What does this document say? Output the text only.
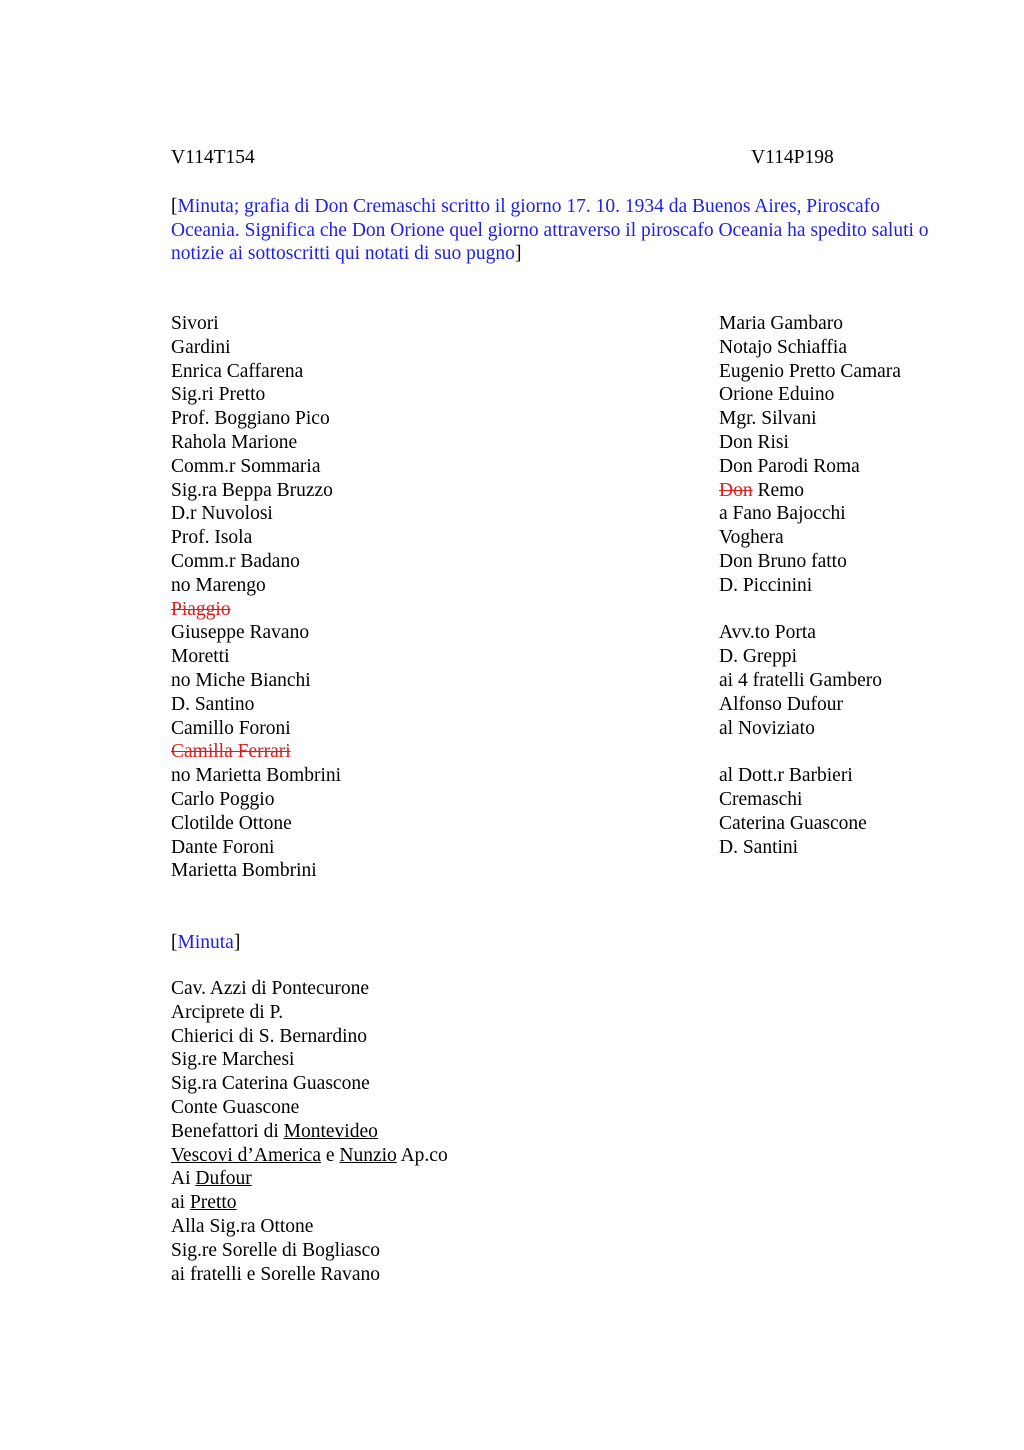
V114T154	V114P198
[Minuta; grafia di Don Cremaschi scritto il giorno 17. 10. 1934 da Buenos Aires, Piroscafo Oceania. Significa che Don Orione quel giorno attraverso il piroscafo Oceania ha spedito saluti o notizie ai sottoscritti qui notati di suo pugno]
Sivori
Gardini
Enrica Caffarena
Sig.ri Pretto
Prof. Boggiano Pico
Rahola Marione
Comm.r Sommaria
Sig.ra Beppa Bruzzo
D.r Nuvolosi
Prof. Isola
Comm.r Badano
no Marengo
Piaggio
Giuseppe Ravano
Moretti
no Miche Bianchi
D. Santino
Camillo Foroni
Camilla Ferrari
no Marietta Bombrini
Carlo Poggio
Clotilde Ottone
Dante Foroni
Marietta Bombrini
Maria Gambaro
Notajo Schiaffia
Eugenio Pretto Camara
Orione Eduino
Mgr. Silvani
Don Risi
Don Parodi Roma
Don Remo
a Fano Bajocchi
Voghera
Don Bruno fatto
D. Piccinini
Avv.to Porta
D. Greppi
ai 4 fratelli Gambero
Alfonso Dufour
al Noviziato
al Dott.r Barbieri
Cremaschi
Caterina Guascone
D. Santini
[Minuta]
Cav. Azzi di Pontecurone
Arciprete di P.
Chierici di S. Bernardino
Sig.re Marchesi
Sig.ra Caterina Guascone
Conte Guascone
Benefattori di Montevideo
Vescovi d’America e Nunzio Ap.co
Ai Dufour
ai Pretto
Alla Sig.ra Ottone
Sig.re Sorelle di Bogliasco
ai fratelli e Sorelle Ravano
